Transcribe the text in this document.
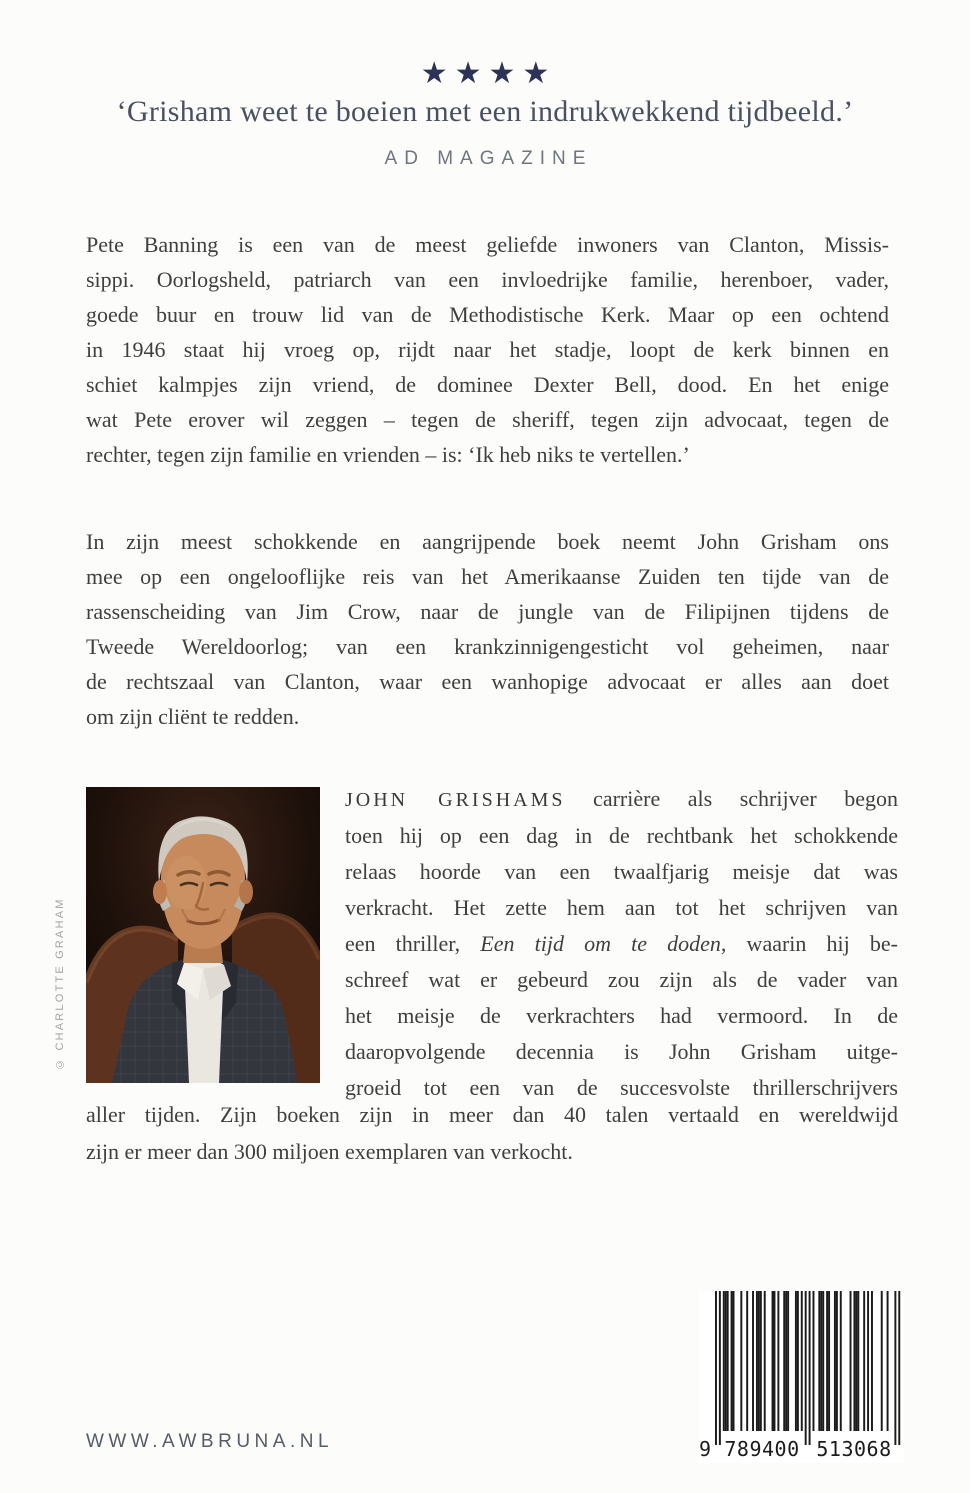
★★★★
‘Grisham weet te boeien met een indrukwekkend tijdbeeld.’
AD MAGAZINE
Pete Banning is een van de meest geliefde inwoners van Clanton, Missis-
sippi. Oorlogsheld, patriarch van een invloedrijke familie, herenboer, vader,
goede buur en trouw lid van de Methodistische Kerk. Maar op een ochtend
in 1946 staat hij vroeg op, rijdt naar het stadje, loopt de kerk binnen en
schiet kalmpjes zijn vriend, de dominee Dexter Bell, dood. En het enige
wat Pete erover wil zeggen – tegen de sheriff, tegen zijn advocaat, tegen de
rechter, tegen zijn familie en vrienden – is: ‘Ik heb niks te vertellen.’
In zijn meest schokkende en aangrijpende boek neemt John Grisham ons
mee op een ongelooflijke reis van het Amerikaanse Zuiden ten tijde van de
rassenscheiding van Jim Crow, naar de jungle van de Filipijnen tijdens de
Tweede Wereldoorlog; van een krankzinnigengesticht vol geheimen, naar
de rechtszaal van Clanton, waar een wanhopige advocaat er alles aan doet
om zijn cliënt te redden.
© CHARLOTTE GRAHAM
JOHN GRISHAMS carrière als schrijver begon
toen hij op een dag in de rechtbank het schokkende
relaas hoorde van een twaalfjarig meisje dat was
verkracht. Het zette hem aan tot het schrijven van
een thriller, Een tijd om te doden, waarin hij be-
schreef wat er gebeurd zou zijn als de vader van
het meisje de verkrachters had vermoord. In de
daaropvolgende decennia is John Grisham uitge-
groeid tot een van de succesvolste thrillerschrijvers
aller tijden. Zijn boeken zijn in meer dan 40 talen vertaald en wereldwijd
zijn er meer dan 300 miljoen exemplaren van verkocht.
WWW.AWBRUNA.NL	9 789400 513068
